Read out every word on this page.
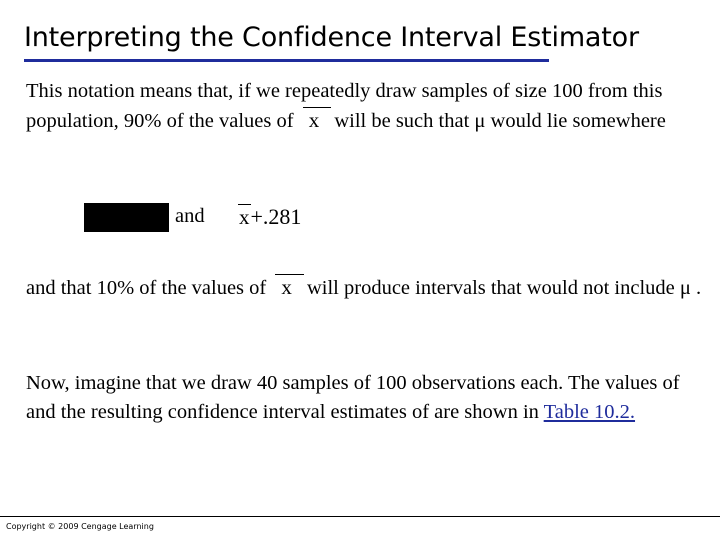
Interpreting the Confidence Interval Estimator
This notation means that, if we repeatedly draw samples of size 100 from this population, 90% of the values of x will be such that μ would lie somewhere
and x+.281
and that 10% of the values of x will produce intervals that would not include μ .
Now, imagine that we draw 40 samples of 100 observations each. The values of and the resulting confidence interval estimates of are shown in Table 10.2.
Copyright © 2009 Cengage Learning
